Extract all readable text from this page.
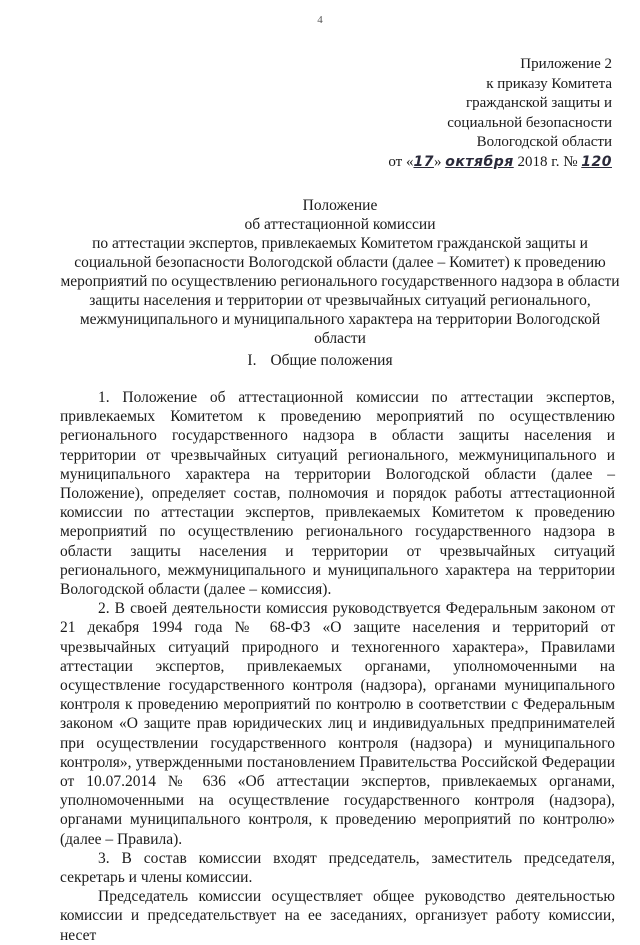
4
Приложение 2
к приказу Комитета
гражданской защиты и
социальной безопасности
Вологодской области
от «17» октября 2018 г. № 120
Положение
об аттестационной комиссии
по аттестации экспертов, привлекаемых Комитетом гражданской защиты и социальной безопасности Вологодской области (далее – Комитет) к проведению мероприятий по осуществлению регионального государственного надзора в области защиты населения и территории от чрезвычайных ситуаций регионального, межмуниципального и муниципального характера на территории Вологодской области
I. Общие положения

1. Положение об аттестационной комиссии по аттестации экспертов, привлекаемых Комитетом к проведению мероприятий по осуществлению регионального государственного надзора в области защиты населения и территории от чрезвычайных ситуаций регионального, межмуниципального и муниципального характера на территории Вологодской области (далее – Положение), определяет состав, полномочия и порядок работы аттестационной комиссии по аттестации экспертов, привлекаемых Комитетом к проведению мероприятий по осуществлению регионального государственного надзора в области защиты населения и территории от чрезвычайных ситуаций регионального, межмуниципального и муниципального характера на территории Вологодской области (далее – комиссия).

2. В своей деятельности комиссия руководствуется Федеральным законом от 21 декабря 1994 года № 68-ФЗ «О защите населения и территорий от чрезвычайных ситуаций природного и техногенного характера», Правилами аттестации экспертов, привлекаемых органами, уполномоченными на осуществление государственного контроля (надзора), органами муниципального контроля к проведению мероприятий по контролю в соответствии с Федеральным законом «О защите прав юридических лиц и индивидуальных предпринимателей при осуществлении государственного контроля (надзора) и муниципального контроля», утвержденными постановлением Правительства Российской Федерации от 10.07.2014 № 636 «Об аттестации экспертов, привлекаемых органами, уполномоченными на осуществление государственного контроля (надзора), органами муниципального контроля, к проведению мероприятий по контролю» (далее – Правила).

3. В состав комиссии входят председатель, заместитель председателя, секретарь и члены комиссии.

Председатель комиссии осуществляет общее руководство деятельностью комиссии и председательствует на ее заседаниях, организует работу комиссии, несет
